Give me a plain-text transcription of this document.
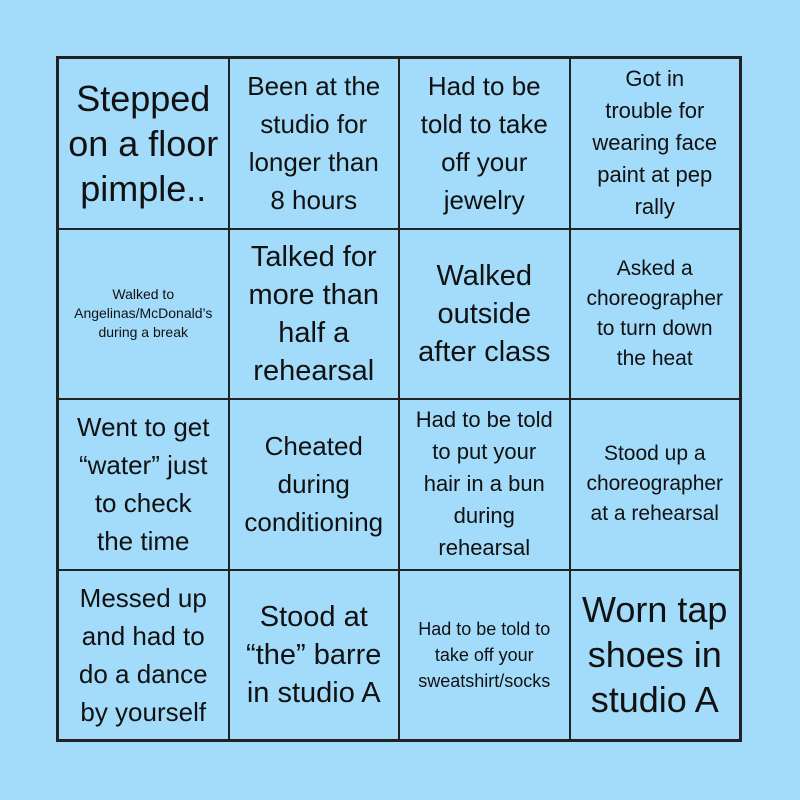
Stepped
on a floor
pimple..
Been at the
studio for
longer than
8 hours
Had to be
told to take
off your
jewelry
Got in
trouble for
wearing face
paint at pep
rally
Walked to
Angelinas/McDonald’s
during a break
Talked for
more than
half a
rehearsal
Walked
outside
after class
Asked a
choreographer
to turn down
the heat
Went to get
“water” just
to check
the time
Cheated
during
conditioning
Had to be told
to put your
hair in a bun
during
rehearsal
Stood up a
choreographer
at a rehearsal
Messed up
and had to
do a dance
by yourself
Stood at
“the” barre
in studio A
Had to be told to
take off your
sweatshirt/socks
Worn tap
shoes in
studio A
